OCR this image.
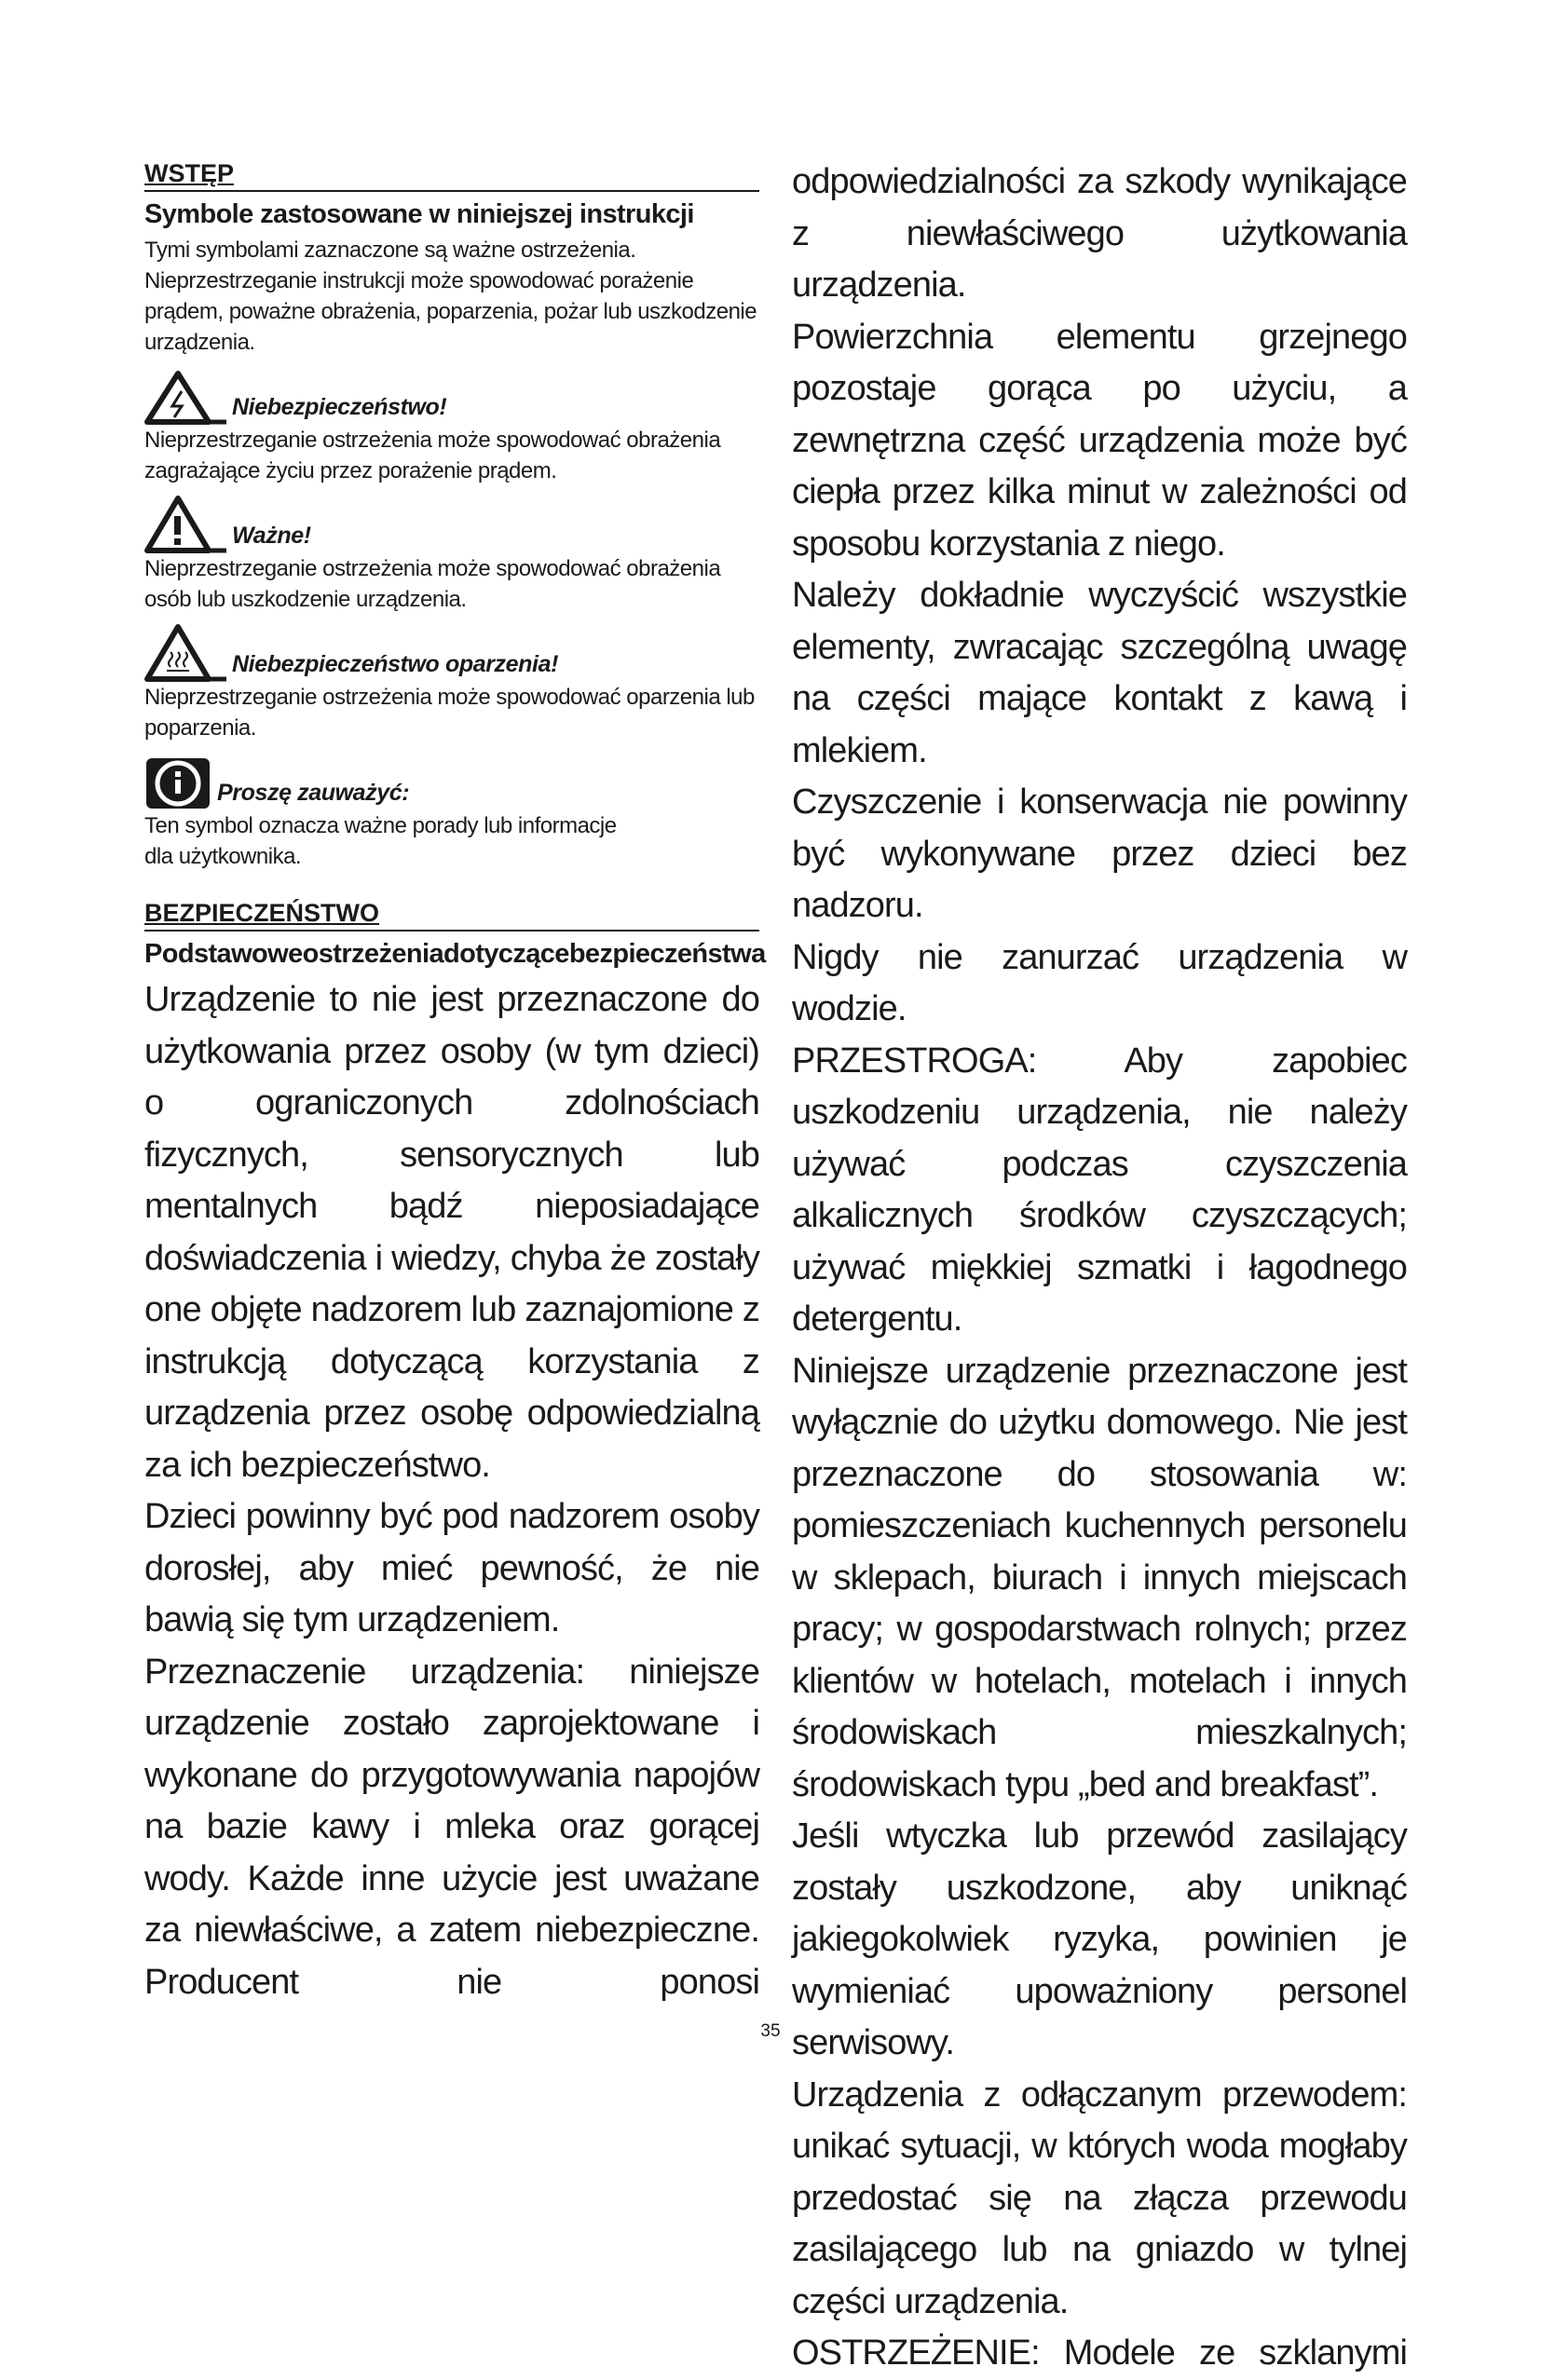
WSTĘP
Symbole zastosowane w niniejszej instrukcji

Tymi symbolami zaznaczone są ważne ostrzeżenia. Nieprzestrzeganie instrukcji może spowodować porażenie prądem, poważne obrażenia, poparzenia, pożar lub uszkodzenie urządzenia.

Niebezpieczeństwo!

Nieprzestrzeganie ostrzeżenia może spowodować obrażenia zagrażające życiu przez porażenie prądem.

Ważne!

Nieprzestrzeganie ostrzeżenia może spowodować obrażenia osób lub uszkodzenie urządzenia.

Niebezpieczeństwo oparzenia!

Nieprzestrzeganie ostrzeżenia może spowodować oparzenia lub poparzenia.

Proszę zauważyć:

Ten symbol oznacza ważne porady lub informacje dla użytkownika.

BEZPIECZEŃSTWO
Podstawoweostrzeżeniadotyczącebezpieczeństwa

Urządzenie to nie jest przeznaczone do użytkowania przez osoby (w tym dzieci) o ograniczonych zdolnościach fizycznych, sensorycznych lub mentalnych bądź nieposiadające doświadczenia i wiedzy, chyba że zostały one objęte nadzorem lub zaznajomione z instrukcją dotyczącą korzystania z urządzenia przez osobę odpowiedzialną za ich bezpieczeństwo.

Dzieci powinny być pod nadzorem osoby dorosłej, aby mieć pewność, że nie bawią się tym urządzeniem.

Przeznaczenie urządzenia: niniejsze urządzenie zostało zaprojektowane i wykonane do przygotowywania napojów na bazie kawy i mleka oraz gorącej wody. Każde inne użycie jest uważane za niewłaściwe, a zatem niebezpieczne. Producent nie ponosi

odpowiedzialności za szkody wynikające z niewłaściwego użytkowania urządzenia.

Powierzchnia elementu grzejnego pozostaje gorąca po użyciu, a zewnętrzna część urządzenia może być ciepła przez kilka minut w zależności od sposobu korzystania z niego.

Należy dokładnie wyczyścić wszystkie elementy, zwracając szczególną uwagę na części mające kontakt z kawą i mlekiem.

Czyszczenie i konserwacja nie powinny być wykonywane przez dzieci bez nadzoru.

Nigdy nie zanurzać urządzenia w wodzie.

PRZESTROGA: Aby zapobiec uszkodzeniu urządzenia, nie należy używać podczas czyszczenia alkalicznych środków czyszczących; używać miękkiej szmatki i łagodnego detergentu.

Niniejsze urządzenie przeznaczone jest wyłącznie do użytku domowego. Nie jest przeznaczone do stosowania w: pomieszczeniach kuchennych personelu w sklepach, biurach i innych miejscach pracy; w gospodarstwach rolnych; przez klientów w hotelach, motelach i innych środowiskach mieszkalnych; środowiskach typu „bed and breakfast”.

Jeśli wtyczka lub przewód zasilający zostały uszkodzone, aby uniknąć jakiegokolwiek ryzyka, powinien je wymieniać upoważniony personel serwisowy.

Urządzenia z odłączanym przewodem: unikać sytuacji, w których woda mogłaby przedostać się na złącza przewodu zasilającego lub na gniazdo w tylnej części urządzenia.

OSTRZEŻENIE: Modele ze szklanymi

35
